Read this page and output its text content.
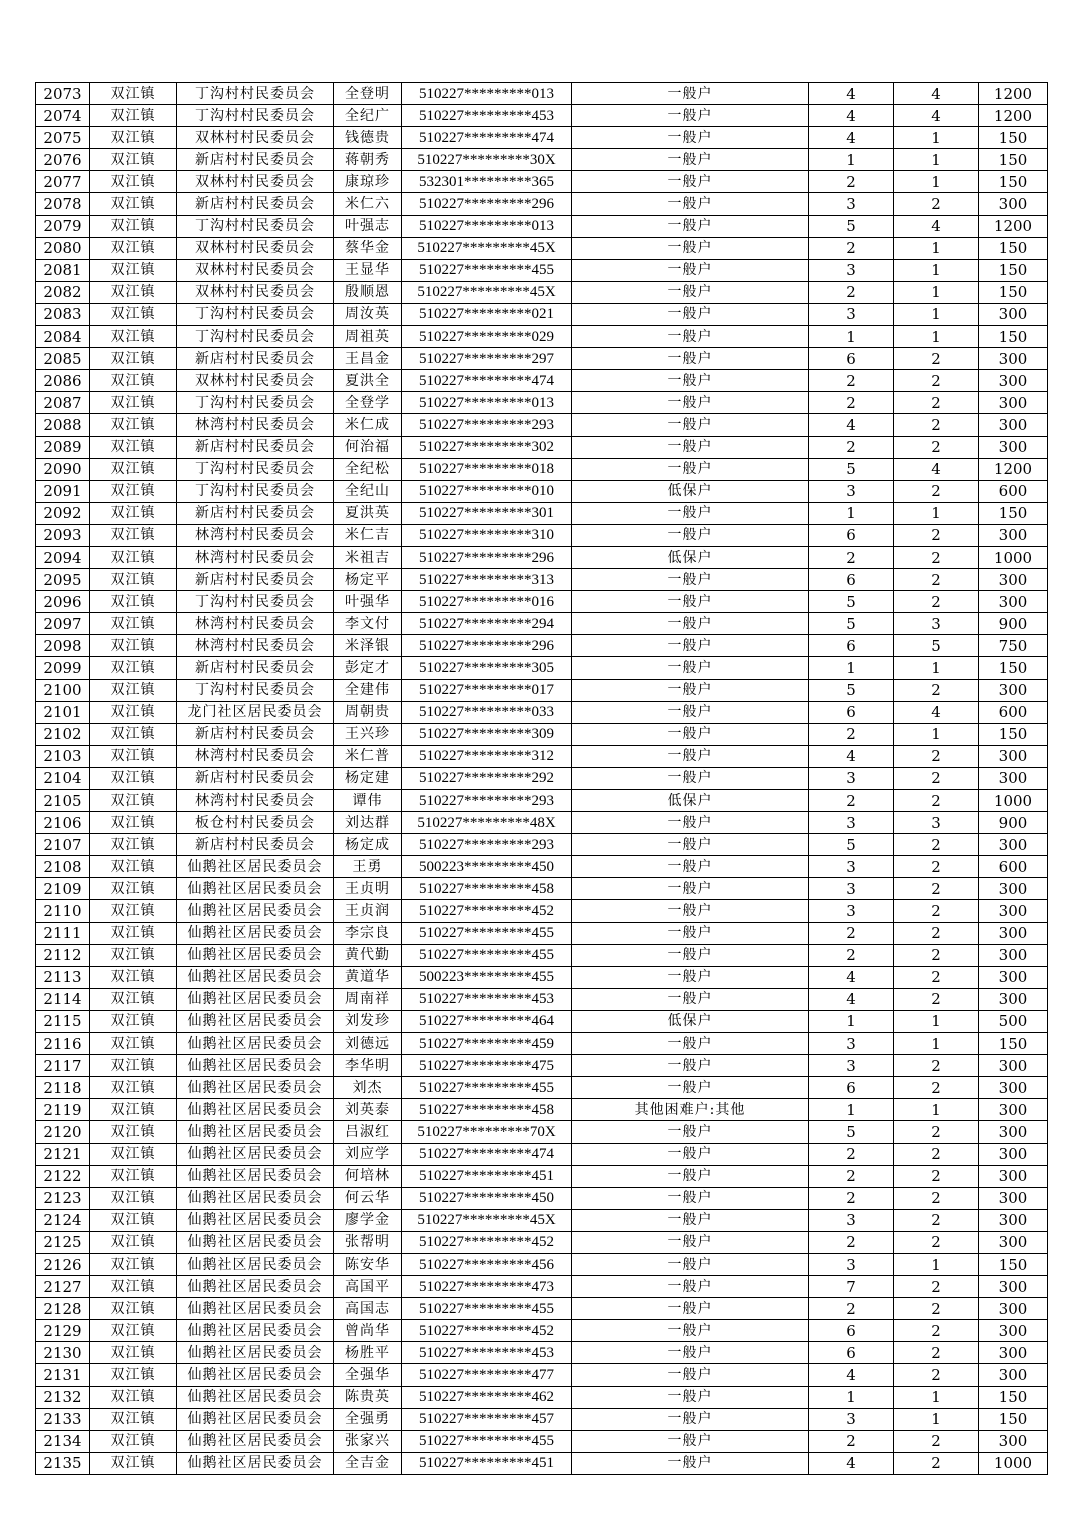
2073	双江镇	丁沟村村民委员会	全登明	510227*********013	一般户	4	4	1200
2074	双江镇	丁沟村村民委员会	全纪广	510227*********453	一般户	4	4	1200
2075	双江镇	双林村村民委员会	钱德贵	510227*********474	一般户	4	1	150
2076	双江镇	新店村村民委员会	蒋朝秀	510227*********30X	一般户	1	1	150
2077	双江镇	双林村村民委员会	康琼珍	532301*********365	一般户	2	1	150
2078	双江镇	新店村村民委员会	米仁六	510227*********296	一般户	3	2	300
2079	双江镇	丁沟村村民委员会	叶强志	510227*********013	一般户	5	4	1200
2080	双江镇	双林村村民委员会	蔡华金	510227*********45X	一般户	2	1	150
2081	双江镇	双林村村民委员会	王显华	510227*********455	一般户	3	1	150
2082	双江镇	双林村村民委员会	殷顺恩	510227*********45X	一般户	2	1	150
2083	双江镇	丁沟村村民委员会	周汝英	510227*********021	一般户	3	1	300
2084	双江镇	丁沟村村民委员会	周祖英	510227*********029	一般户	1	1	150
2085	双江镇	新店村村民委员会	王昌金	510227*********297	一般户	6	2	300
2086	双江镇	双林村村民委员会	夏洪全	510227*********474	一般户	2	2	300
2087	双江镇	丁沟村村民委员会	全登学	510227*********013	一般户	2	2	300
2088	双江镇	林湾村村民委员会	米仁成	510227*********293	一般户	4	2	300
2089	双江镇	新店村村民委员会	何治福	510227*********302	一般户	2	2	300
2090	双江镇	丁沟村村民委员会	全纪松	510227*********018	一般户	5	4	1200
2091	双江镇	丁沟村村民委员会	全纪山	510227*********010	低保户	3	2	600
2092	双江镇	新店村村民委员会	夏洪英	510227*********301	一般户	1	1	150
2093	双江镇	林湾村村民委员会	米仁吉	510227*********310	一般户	6	2	300
2094	双江镇	林湾村村民委员会	米祖吉	510227*********296	低保户	2	2	1000
2095	双江镇	新店村村民委员会	杨定平	510227*********313	一般户	6	2	300
2096	双江镇	丁沟村村民委员会	叶强华	510227*********016	一般户	5	2	300
2097	双江镇	林湾村村民委员会	李文付	510227*********294	一般户	5	3	900
2098	双江镇	林湾村村民委员会	米泽银	510227*********296	一般户	6	5	750
2099	双江镇	新店村村民委员会	彭定才	510227*********305	一般户	1	1	150
2100	双江镇	丁沟村村民委员会	全建伟	510227*********017	一般户	5	2	300
2101	双江镇	龙门社区居民委员会	周朝贵	510227*********033	一般户	6	4	600
2102	双江镇	新店村村民委员会	王兴珍	510227*********309	一般户	2	1	150
2103	双江镇	林湾村村民委员会	米仁普	510227*********312	一般户	4	2	300
2104	双江镇	新店村村民委员会	杨定建	510227*********292	一般户	3	2	300
2105	双江镇	林湾村村民委员会	谭伟	510227*********293	低保户	2	2	1000
2106	双江镇	板仓村村民委员会	刘达群	510227*********48X	一般户	3	3	900
2107	双江镇	新店村村民委员会	杨定成	510227*********293	一般户	5	2	300
2108	双江镇	仙鹅社区居民委员会	王勇	500223*********450	一般户	3	2	600
2109	双江镇	仙鹅社区居民委员会	王贞明	510227*********458	一般户	3	2	300
2110	双江镇	仙鹅社区居民委员会	王贞润	510227*********452	一般户	3	2	300
2111	双江镇	仙鹅社区居民委员会	李宗良	510227*********455	一般户	2	2	300
2112	双江镇	仙鹅社区居民委员会	黄代勤	510227*********455	一般户	2	2	300
2113	双江镇	仙鹅社区居民委员会	黄道华	500223*********455	一般户	4	2	300
2114	双江镇	仙鹅社区居民委员会	周南祥	510227*********453	一般户	4	2	300
2115	双江镇	仙鹅社区居民委员会	刘发珍	510227*********464	低保户	1	1	500
2116	双江镇	仙鹅社区居民委员会	刘德远	510227*********459	一般户	3	1	150
2117	双江镇	仙鹅社区居民委员会	李华明	510227*********475	一般户	3	2	300
2118	双江镇	仙鹅社区居民委员会	刘杰	510227*********455	一般户	6	2	300
2119	双江镇	仙鹅社区居民委员会	刘英泰	510227*********458	其他困难户:其他	1	1	300
2120	双江镇	仙鹅社区居民委员会	吕淑红	510227*********70X	一般户	5	2	300
2121	双江镇	仙鹅社区居民委员会	刘应学	510227*********474	一般户	2	2	300
2122	双江镇	仙鹅社区居民委员会	何培林	510227*********451	一般户	2	2	300
2123	双江镇	仙鹅社区居民委员会	何云华	510227*********450	一般户	2	2	300
2124	双江镇	仙鹅社区居民委员会	廖学金	510227*********45X	一般户	3	2	300
2125	双江镇	仙鹅社区居民委员会	张帮明	510227*********452	一般户	2	2	300
2126	双江镇	仙鹅社区居民委员会	陈安华	510227*********456	一般户	3	1	150
2127	双江镇	仙鹅社区居民委员会	高国平	510227*********473	一般户	7	2	300
2128	双江镇	仙鹅社区居民委员会	高国志	510227*********455	一般户	2	2	300
2129	双江镇	仙鹅社区居民委员会	曾尚华	510227*********452	一般户	6	2	300
2130	双江镇	仙鹅社区居民委员会	杨胜平	510227*********453	一般户	6	2	300
2131	双江镇	仙鹅社区居民委员会	全强华	510227*********477	一般户	4	2	300
2132	双江镇	仙鹅社区居民委员会	陈贵英	510227*********462	一般户	1	1	150
2133	双江镇	仙鹅社区居民委员会	全强勇	510227*********457	一般户	3	1	150
2134	双江镇	仙鹅社区居民委员会	张家兴	510227*********455	一般户	2	2	300
2135	双江镇	仙鹅社区居民委员会	全吉金	510227*********451	一般户	4	2	1000
